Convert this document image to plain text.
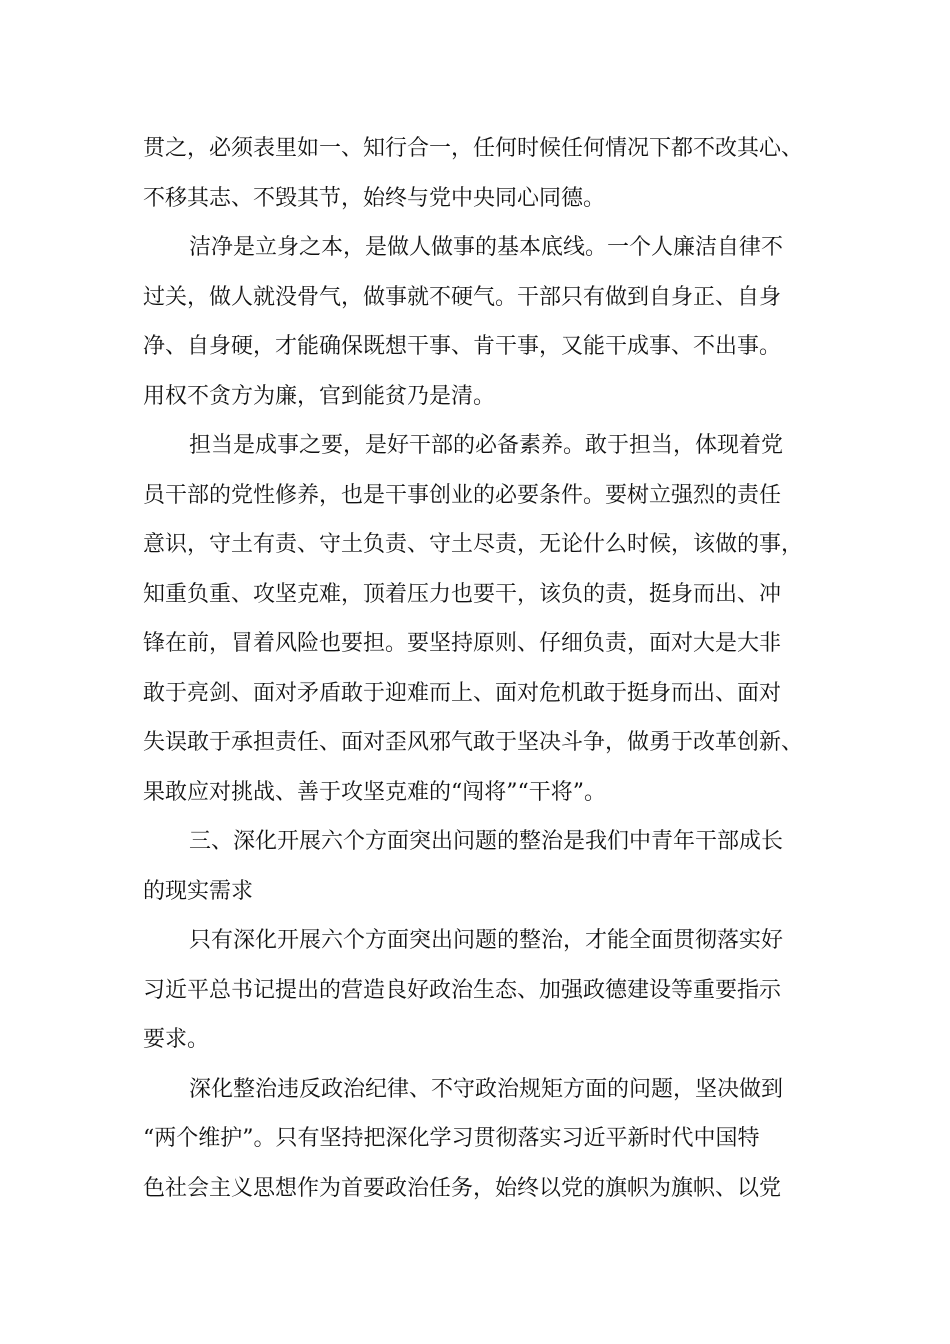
贯之，必须表里如一、知行合一，任何时候任何情况下都不改其心、
不移其志、不毁其节，始终与党中央同心同德。

洁净是立身之本，是做人做事的基本底线。一个人廉洁自律不
过关，做人就没骨气，做事就不硬气。干部只有做到自身正、自身
净、自身硬，才能确保既想干事、肯干事，又能干成事、不出事。
用权不贪方为廉，官到能贫乃是清。

担当是成事之要，是好干部的必备素养。敢于担当，体现着党
员干部的党性修养，也是干事创业的必要条件。要树立强烈的责任
意识，守土有责、守土负责、守土尽责，无论什么时候，该做的事，
知重负重、攻坚克难，顶着压力也要干，该负的责，挺身而出、冲
锋在前，冒着风险也要担。要坚持原则、仔细负责，面对大是大非
敢于亮剑、面对矛盾敢于迎难而上、面对危机敢于挺身而出、面对
失误敢于承担责任、面对歪风邪气敢于坚决斗争，做勇于改革创新、
果敢应对挑战、善于攻坚克难的“闯将”“干将”。

三、深化开展六个方面突出问题的整治是我们中青年干部成长
的现实需求

只有深化开展六个方面突出问题的整治，才能全面贯彻落实好
习近平总书记提出的营造良好政治生态、加强政德建设等重要指示
要求。

深化整治违反政治纪律、不守政治规矩方面的问题，坚决做到
“两个维护”。只有坚持把深化学习贯彻落实习近平新时代中国特
色社会主义思想作为首要政治任务，始终以党的旗帜为旗帜、以党
